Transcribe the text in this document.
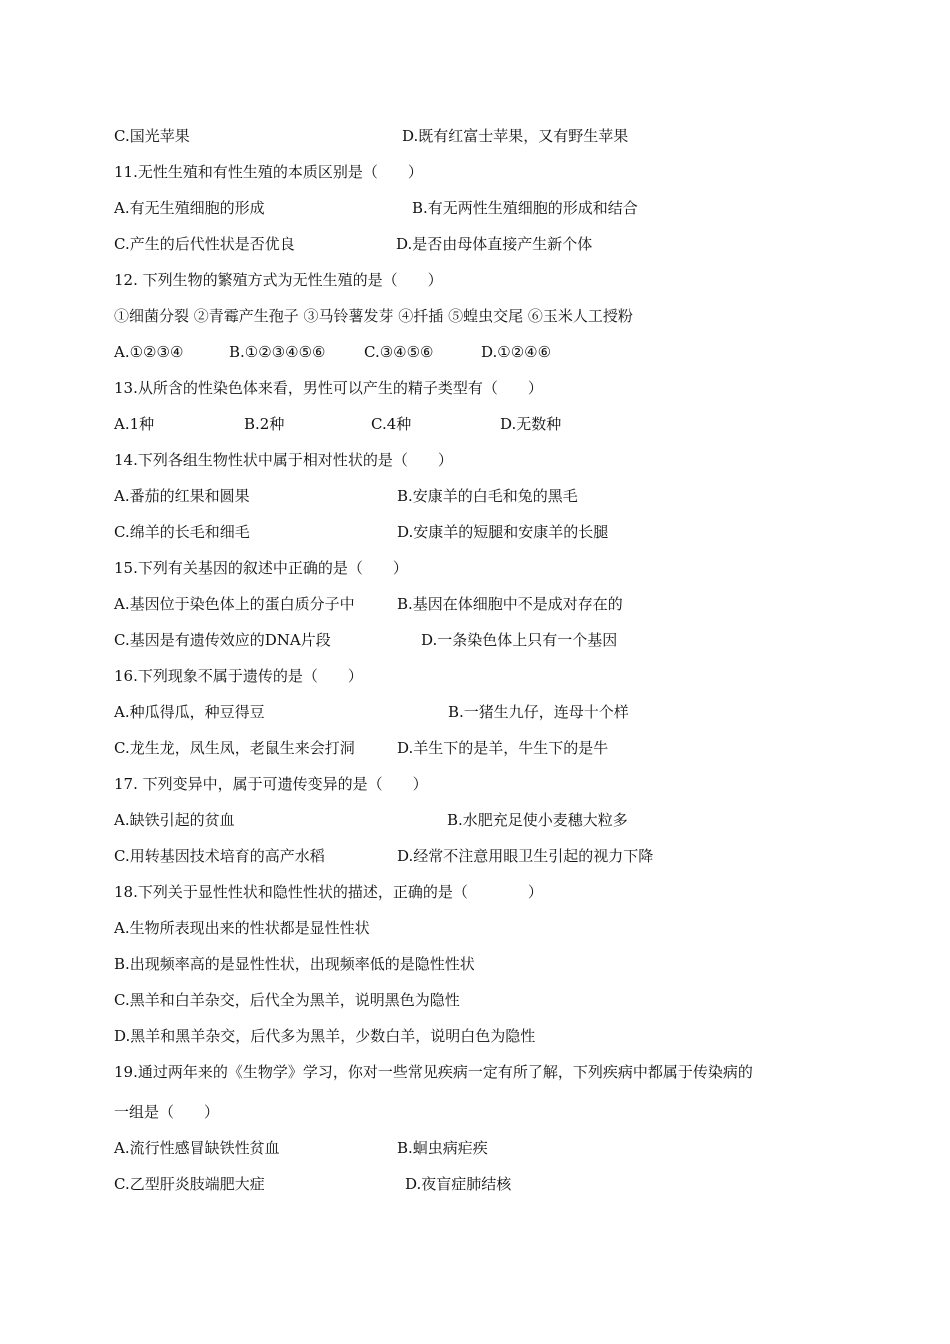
C.国光苹果	D.既有红富士苹果，又有野生苹果
11.无性生殖和有性生殖的本质区别是（　　）
A.有无生殖细胞的形成	B.有无两性生殖细胞的形成和结合
C.产生的后代性状是否优良	D.是否由母体直接产生新个体
12. 下列生物的繁殖方式为无性生殖的是（　　）
①细菌分裂 ②青霉产生孢子 ③马铃薯发芽 ④扦插 ⑤蝗虫交尾 ⑥玉米人工授粉
A.①②③④	B.①②③④⑤⑥	C.③④⑤⑥	D.①②④⑥
13.从所含的性染色体来看，男性可以产生的精子类型有（　　）
A.1种	B.2种	C.4种	D.无数种
14.下列各组生物性状中属于相对性状的是（　　）
A.番茄的红果和圆果	B.安康羊的白毛和兔的黑毛
C.绵羊的长毛和细毛	D.安康羊的短腿和安康羊的长腿
15.下列有关基因的叙述中正确的是（　　）
A.基因位于染色体上的蛋白质分子中	B.基因在体细胞中不是成对存在的
C.基因是有遗传效应的DNA片段	D.一条染色体上只有一个基因
16.下列现象不属于遗传的是（　　）
A.种瓜得瓜，种豆得豆	B.一猪生九仔，连母十个样
C.龙生龙，凤生凤，老鼠生来会打洞	D.羊生下的是羊，牛生下的是牛
17. 下列变异中，属于可遗传变异的是（　　）
A.缺铁引起的贫血	B.水肥充足使小麦穗大粒多
C.用转基因技术培育的高产水稻	D.经常不注意用眼卫生引起的视力下降
18.下列关于显性性状和隐性性状的描述，正确的是（　　　　）
A.生物所表现出来的性状都是显性性状
B.出现频率高的是显性性状，出现频率低的是隐性性状
C.黑羊和白羊杂交，后代全为黑羊，说明黑色为隐性
D.黑羊和黑羊杂交，后代多为黑羊，少数白羊，说明白色为隐性
19.通过两年来的《生物学》学习，你对一些常见疾病一定有所了解，下列疾病中都属于传染病的
一组是（　　）
A.流行性感冒缺铁性贫血	B.蛔虫病疟疾
C.乙型肝炎肢端肥大症	D.夜盲症肺结核
